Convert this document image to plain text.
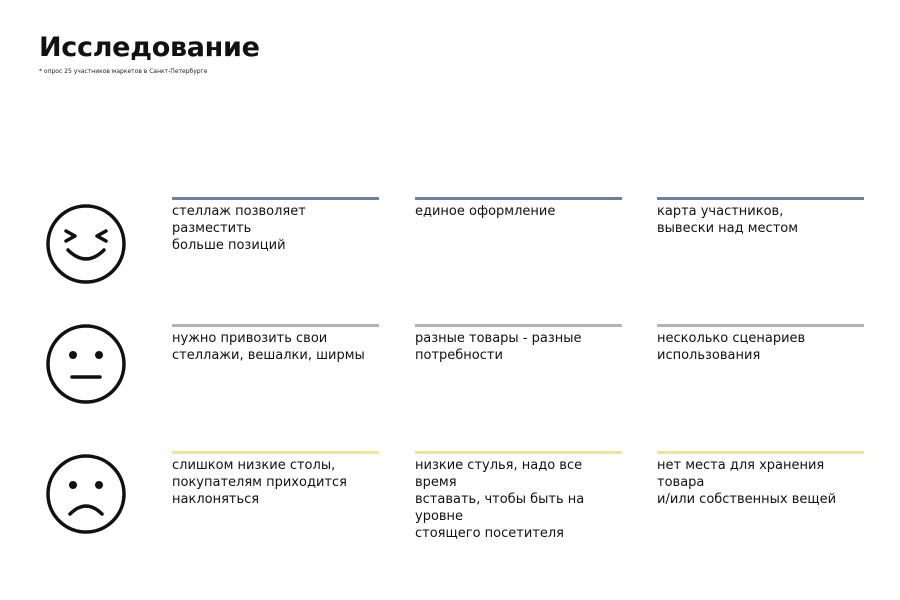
Исследование
* опрос 25 участников маркетов в Санкт-Петербурге
стеллаж позволяет разместить
больше позиций
единое оформление	карта участников,
вывески над местом
нужно привозить свои
стеллажи, вешалки, ширмы
разные товары - разные
потребности
несколько сценариев
использования
слишком низкие столы,
покупателям приходится
наклоняться
низкие стулья, надо все время
вставать, чтобы быть на уровне
стоящего посетителя
нет места для хранения товара
и/или собственных вещей
